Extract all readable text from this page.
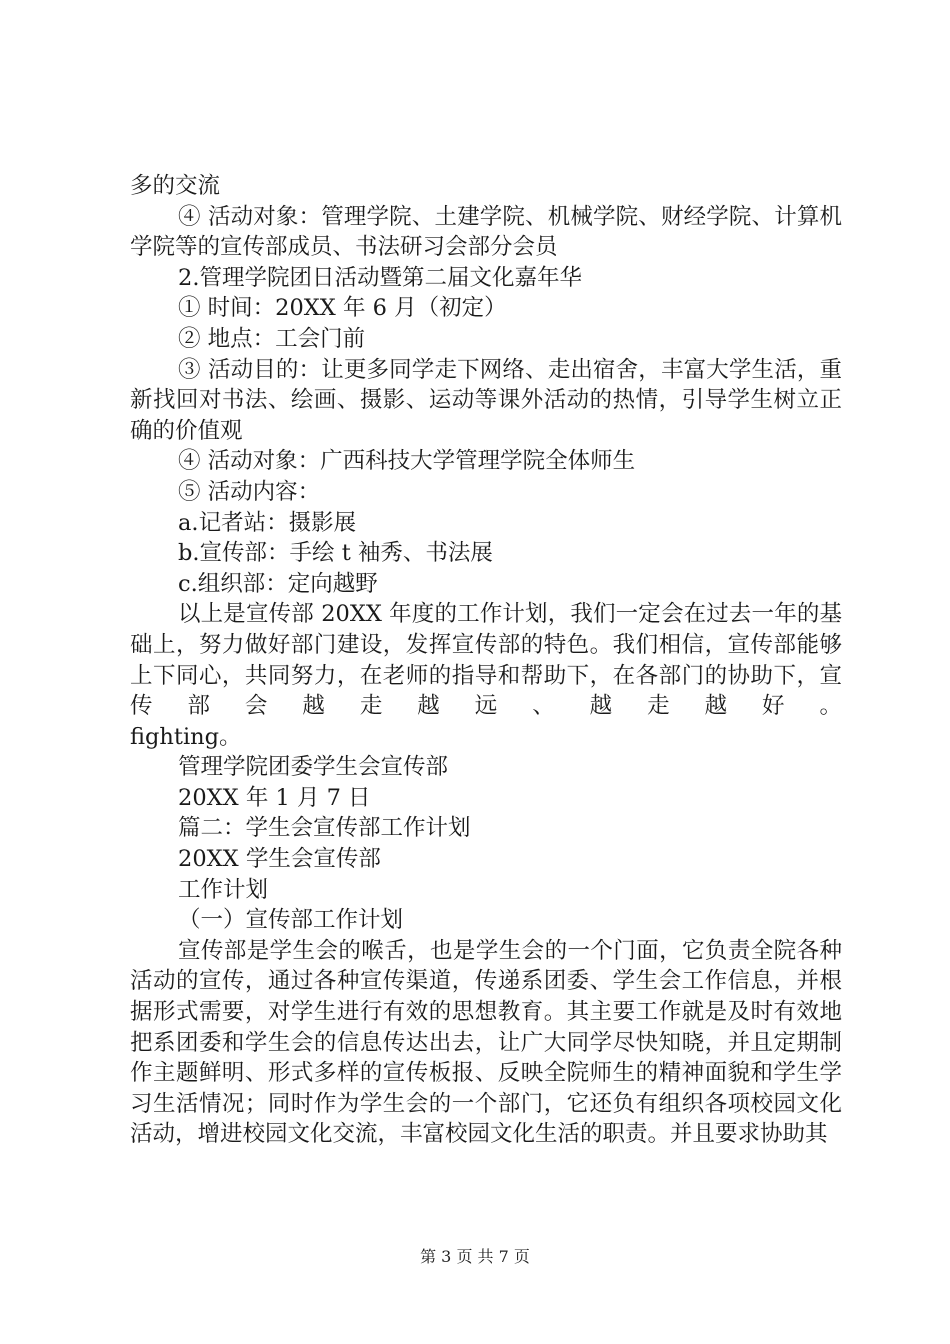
多的交流

④ 活动对象：管理学院、土建学院、机械学院、财经学院、计算机学院等的宣传部成员、书法研习会部分会员

2.管理学院团日活动暨第二届文化嘉年华

① 时间：20XX 年 6 月（初定）

② 地点：工会门前

③ 活动目的：让更多同学走下网络、走出宿舍，丰富大学生活，重新找回对书法、绘画、摄影、运动等课外活动的热情，引导学生树立正确的价值观

④ 活动对象：广西科技大学管理学院全体师生

⑤ 活动内容：

a.记者站：摄影展

b.宣传部：手绘 t 袖秀、书法展

c.组织部：定向越野

以上是宣传部 20XX 年度的工作计划，我们一定会在过去一年的基础上，努力做好部门建设，发挥宣传部的特色。我们相信，宣传部能够上下同心，共同努力，在老师的指导和帮助下，在各部门的协助下，宣传部会越走越远、越走越好。

fighting。

管理学院团委学生会宣传部

20XX 年 1 月 7 日

篇二：学生会宣传部工作计划

20XX 学生会宣传部

工作计划

（一）宣传部工作计划

宣传部是学生会的喉舌，也是学生会的一个门面，它负责全院各种活动的宣传，通过各种宣传渠道，传递系团委、学生会工作信息，并根据形式需要，对学生进行有效的思想教育。其主要工作就是及时有效地把系团委和学生会的信息传达出去，让广大同学尽快知晓，并且定期制作主题鲜明、形式多样的宣传板报、反映全院师生的精神面貌和学生学习生活情况；同时作为学生会的一个部门，它还负有组织各项校园文化活动，增进校园文化交流，丰富校园文化生活的职责。并且要求协助其

第 3 页 共 7 页
